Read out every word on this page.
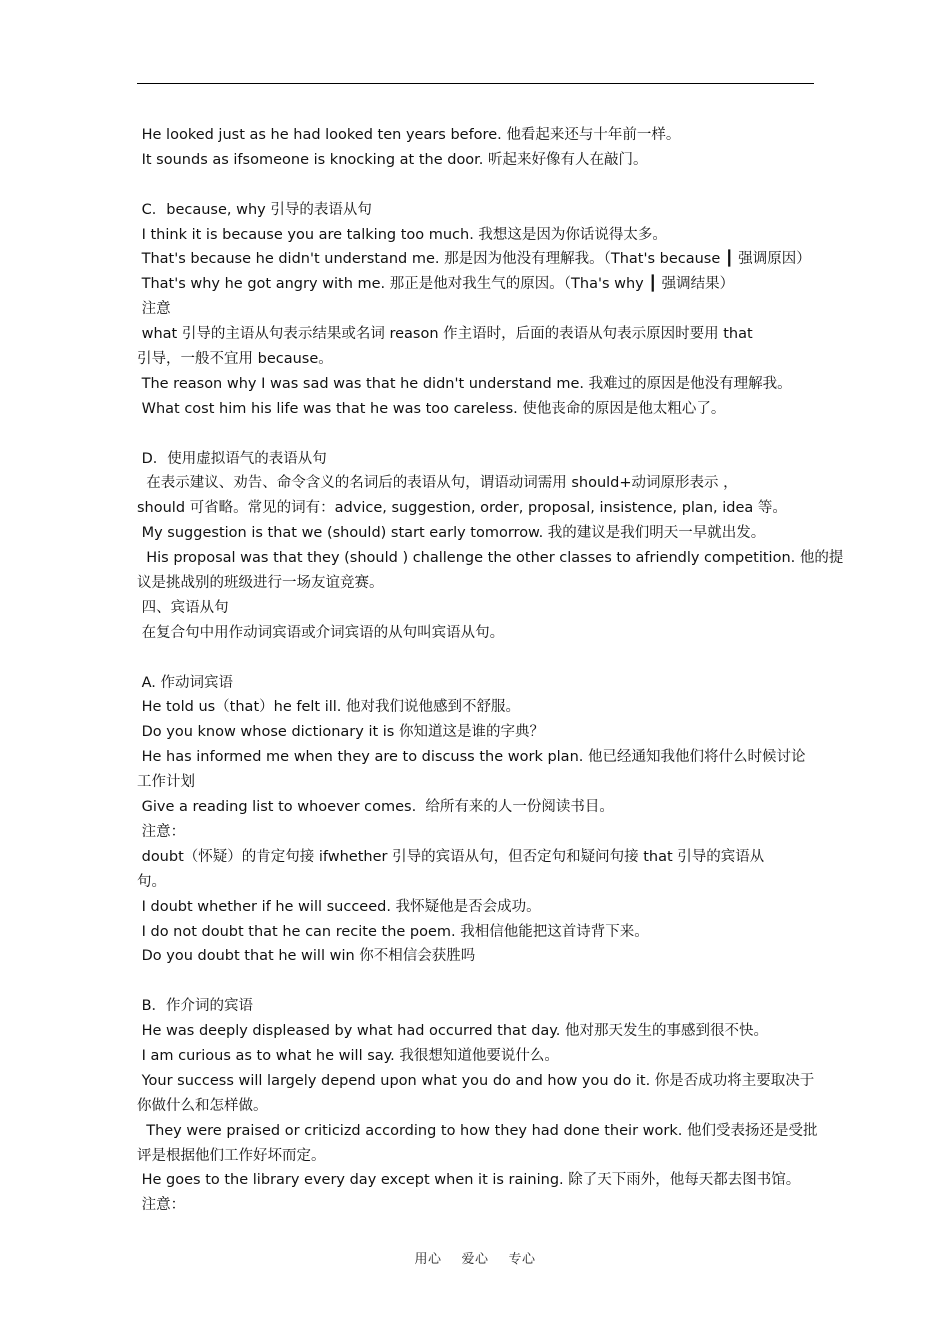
He looked just as he had looked ten years before. 他看起来还与十年前一样。
It sounds as ifsomeone is knocking at the door. 听起来好像有人在敲门。
C．because, why 引导的表语从句
I think it is because you are talking too much. 我想这是因为你话说得太多。
That's because he didn't understand me. 那是因为他没有理解我。（That's because ┃ 强调原因）
That's why he got angry with me. 那正是他对我生气的原因。（Tha's why ┃ 强调结果）
注意
what 引导的主语从句表示结果或名词 reason 作主语时，后面的表语从句表示原因时要用 that
引导，一般不宜用 because。
The reason why I was sad was that he didn't understand me. 我难过的原因是他没有理解我。
What cost him his life was that he was too careless. 使他丧命的原因是他太粗心了。
D．使用虚拟语气的表语从句
在表示建议、劝告、命令含义的名词后的表语从句，谓语动词需用 should+动词原形表示 ，
should 可省略。常见的词有：advice, suggestion, order, proposal, insistence, plan, idea 等。
My suggestion is that we (should) start early tomorrow. 我的建议是我们明天一早就出发。
His proposal was that they (should ) challenge the other classes to afriendly competition. 他的提
议是挑战别的班级进行一场友谊竞赛。
四、宾语从句
在复合句中用作动词宾语或介词宾语的从句叫宾语从句。
A. 作动词宾语
He told us（that）he felt ill. 他对我们说他感到不舒服。
Do you know whose dictionary it is 你知道这是谁的字典？
He has informed me when they are to discuss the work plan. 他已经通知我他们将什么时候讨论
工作计划
Give a reading list to whoever comes.  给所有来的人一份阅读书目。
注意：
doubt（怀疑）的肯定句接 ifwhether 引导的宾语从句，但否定句和疑问句接 that 引导的宾语从
句。
I doubt whether if he will succeed. 我怀疑他是否会成功。
I do not doubt that he can recite the poem. 我相信他能把这首诗背下来。
Do you doubt that he will win 你不相信会获胜吗
B．作介词的宾语
He was deeply displeased by what had occurred that day. 他对那天发生的事感到很不快。
I am curious as to what he will say. 我很想知道他要说什么。
Your success will largely depend upon what you do and how you do it. 你是否成功将主要取决于
你做什么和怎样做。
They were praised or criticizd according to how they had done their work. 他们受表扬还是受批
评是根据他们工作好坏而定。
He goes to the library every day except when it is raining. 除了天下雨外，他每天都去图书馆。
注意：
用心 爱心 专心
